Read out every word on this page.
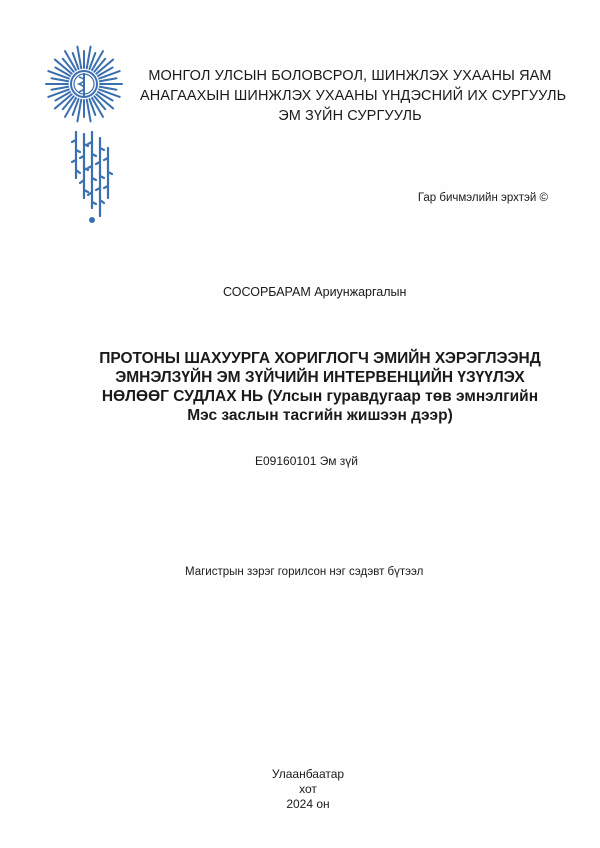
МОНГОЛ УЛСЫН БОЛОВСРОЛ, ШИНЖЛЭХ УХААНЫ ЯАМ
АНАГААХЫН ШИНЖЛЭХ УХААНЫ ҮНДЭСНИЙ ИХ СУРГУУЛЬ
ЭМ ЗҮЙН СУРГУУЛЬ
Гар бичмэлийн эрхтэй ©
СОСОРБАРАМ Ариунжаргалын
ПРОТОНЫ ШАХУУРГА ХОРИГЛОГЧ ЭМИЙН ХЭРЭГЛЭЭНД
ЭМНЭЛЗҮЙН ЭМ ЗҮЙЧИЙН ИНТЕРВЕНЦИЙН ҮЗҮҮЛЭХ
НӨЛӨӨГ СУДЛАХ НЬ (Улсын гуравдугаар төв эмнэлгийн
Мэс заслын тасгийн жишээн дээр)
E09160101 Эм зүй
Магистрын зэрэг горилсон нэг сэдэвт бүтээл
Улаанбаатар хот
2024 он
